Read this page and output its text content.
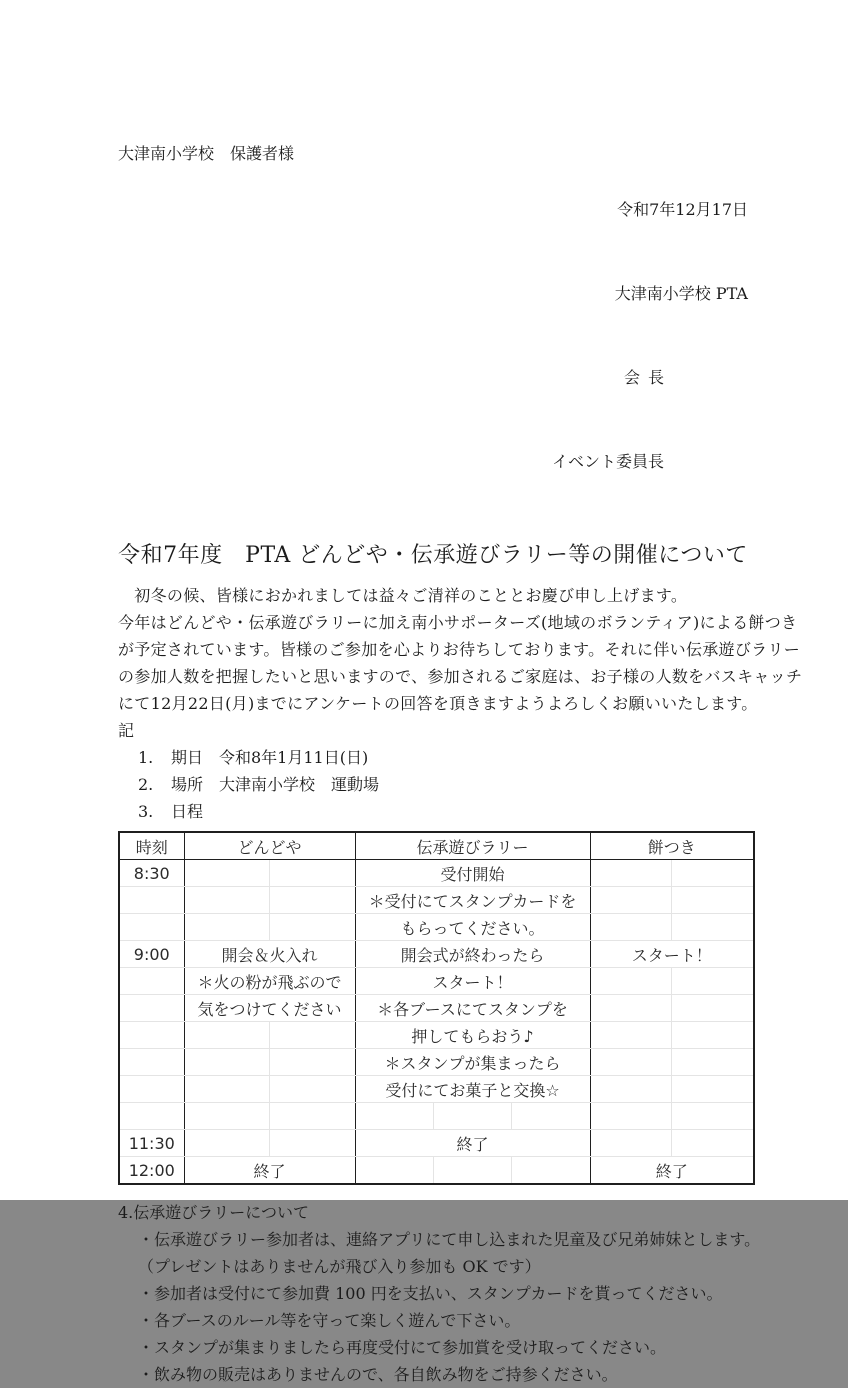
大津南小学校　保護者様

令和7年12月17日

大津南小学校 PTA

会 長

イベント委員長

令和7年度　PTA どんどや・伝承遊びラリー等の開催について
　初冬の候、皆様におかれましては益々ご清祥のこととお慶び申し上げます。
今年はどんどや・伝承遊びラリーに加え南小サポーターズ(地域のボランティア)による餅つき
が予定されています。皆様のご参加を心よりお待ちしております。それに伴い伝承遊びラリー
の参加人数を把握したいと思いますので、参加されるご家庭は、お子様の人数をバスキャッチ
にて12月22日(月)までにアンケートの回答を頂きますようよろしくお願いいたします。
記
1.	期日　令和8年1月11日(日)
2.	場所　大津南小学校　運動場
3.	日程
時刻	どんどや	伝承遊びラリー	餅つき
8:30		受付開始	
		＊受付にてスタンプカードを	
		もらってください。	
9:00	開会＆火入れ	開会式が終わったら	スタート！
	＊火の粉が飛ぶので	スタート！	
	気をつけてください	＊各ブースにてスタンプを	
		押してもらおう♪	
		＊スタンプが集まったら	
		受付にてお菓子と交換☆	

11:30		終了	
12:00	終了		終了
4.伝承遊びラリーについて
・伝承遊びラリー参加者は、連絡アプリにて申し込まれた児童及び兄弟姉妹とします。
（プレゼントはありませんが飛び入り参加も OK です）
・参加者は受付にて参加費 100 円を支払い、スタンプカードを貰ってください。
・各ブースのルール等を守って楽しく遊んで下さい。
・スタンプが集まりましたら再度受付にて参加賞を受け取ってください。
・飲み物の販売はありませんので、各自飲み物をご持参ください。
